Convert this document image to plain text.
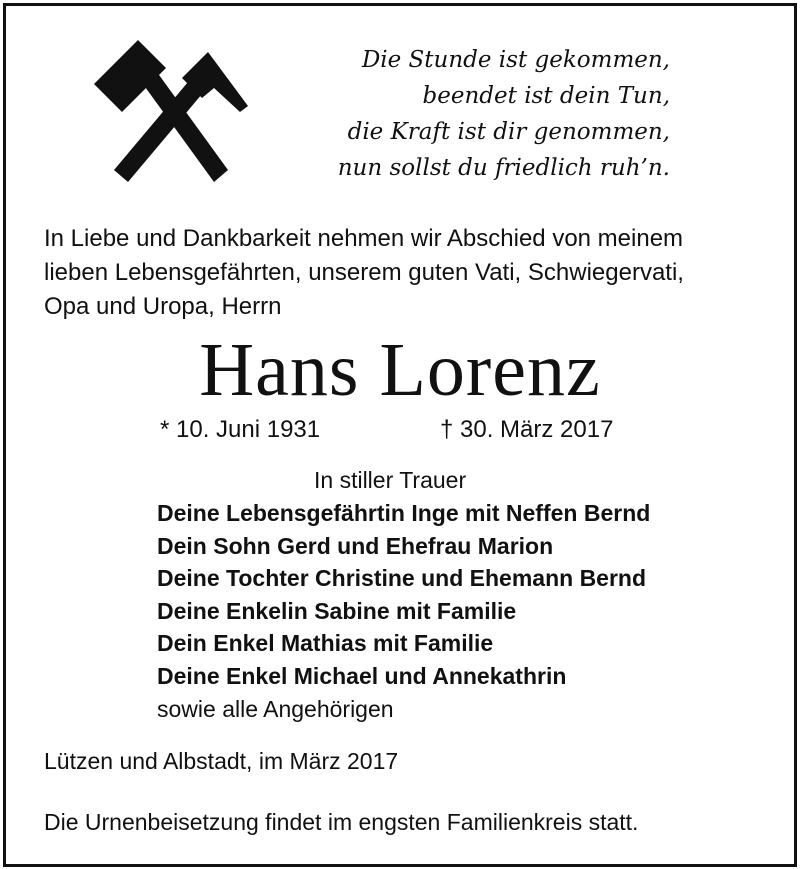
Die Stunde ist gekommen,
beendet ist dein Tun,
die Kraft ist dir genommen,
nun sollst du friedlich ruh’n.
In Liebe und Dankbarkeit nehmen wir Abschied von meinem
lieben Lebensgefährten, unserem guten Vati, Schwiegervati,
Opa und Uropa, Herrn
Hans Lorenz
* 10. Juni 1931	† 30. März 2017
In stiller Trauer
Deine Lebensgefährtin Inge mit Neffen Bernd
Dein Sohn Gerd und Ehefrau Marion
Deine Tochter Christine und Ehemann Bernd
Deine Enkelin Sabine mit Familie
Dein Enkel Mathias mit Familie
Deine Enkel Michael und Annekathrin
sowie alle Angehörigen
Lützen und Albstadt, im März 2017
Die Urnenbeisetzung findet im engsten Familienkreis statt.
